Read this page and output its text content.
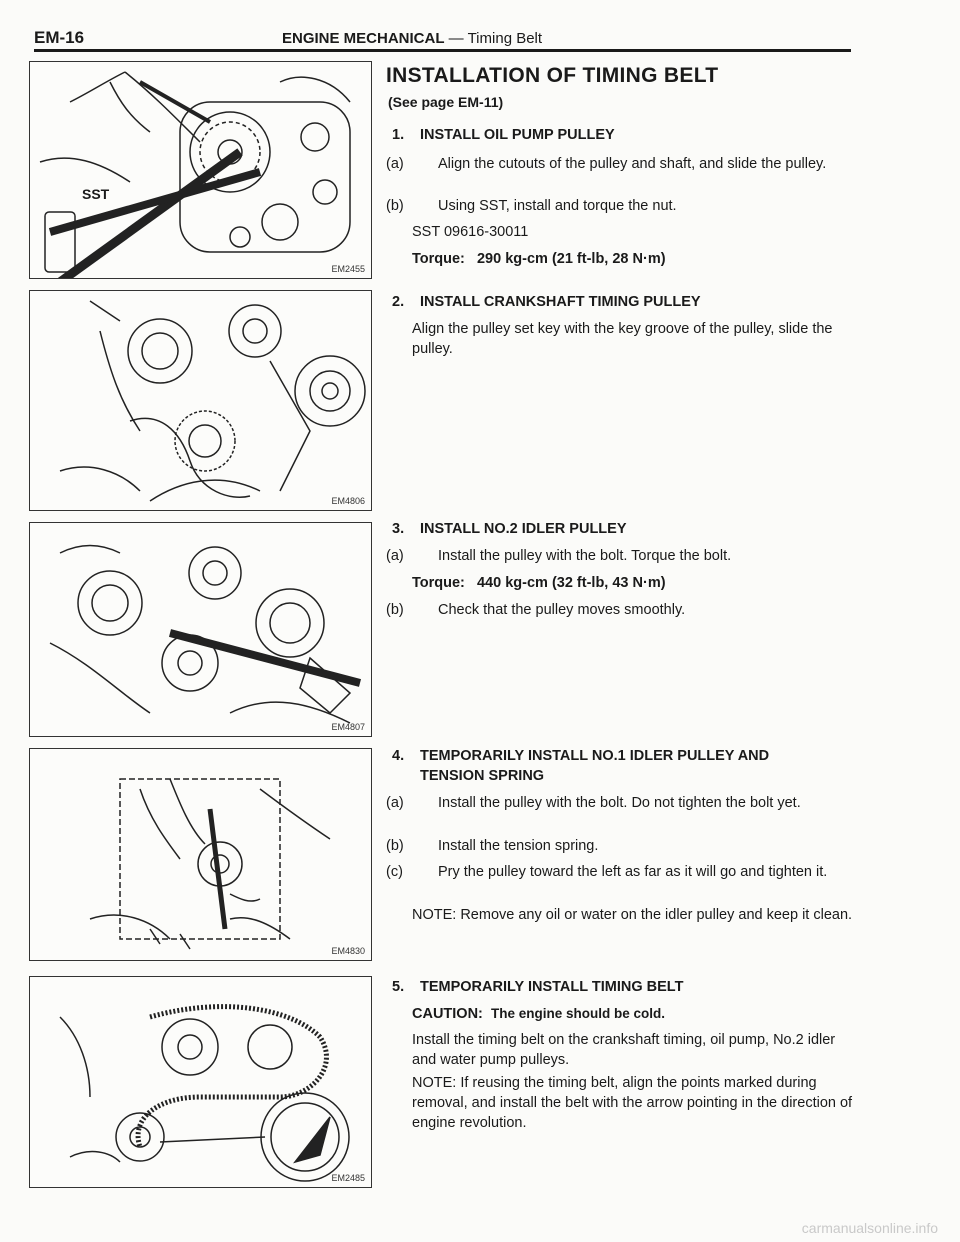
EM-16	ENGINE MECHANICAL — Timing Belt
SST
EM2455
EM4806
EM4807
EM4830
EM2485
INSTALLATION OF TIMING BELT
(See page EM-11)
1. INSTALL OIL PUMP PULLEY
(a) Align the cutouts of the pulley and shaft, and slide the pulley.
(b) Using SST, install and torque the nut.
SST 09616-30011
Torque: 290 kg-cm (21 ft-lb, 28 N·m)
2. INSTALL CRANKSHAFT TIMING PULLEY
Align the pulley set key with the key groove of the pulley, slide the pulley.
3. INSTALL NO.2 IDLER PULLEY
(a) Install the pulley with the bolt. Torque the bolt.
Torque: 440 kg-cm (32 ft-lb, 43 N·m)
(b) Check that the pulley moves smoothly.
4. TEMPORARILY INSTALL NO.1 IDLER PULLEY AND
TENSION SPRING
(a) Install the pulley with the bolt. Do not tighten the bolt yet.
(b) Install the tension spring.
(c) Pry the pulley toward the left as far as it will go and tighten it.
NOTE: Remove any oil or water on the idler pulley and keep it clean.
5. TEMPORARILY INSTALL TIMING BELT
CAUTION: The engine should be cold.
Install the timing belt on the crankshaft timing, oil pump, No.2 idler and water pump pulleys.
NOTE: If reusing the timing belt, align the points marked during removal, and install the belt with the arrow pointing in the direction of engine revolution.
carmanualsonline.info
